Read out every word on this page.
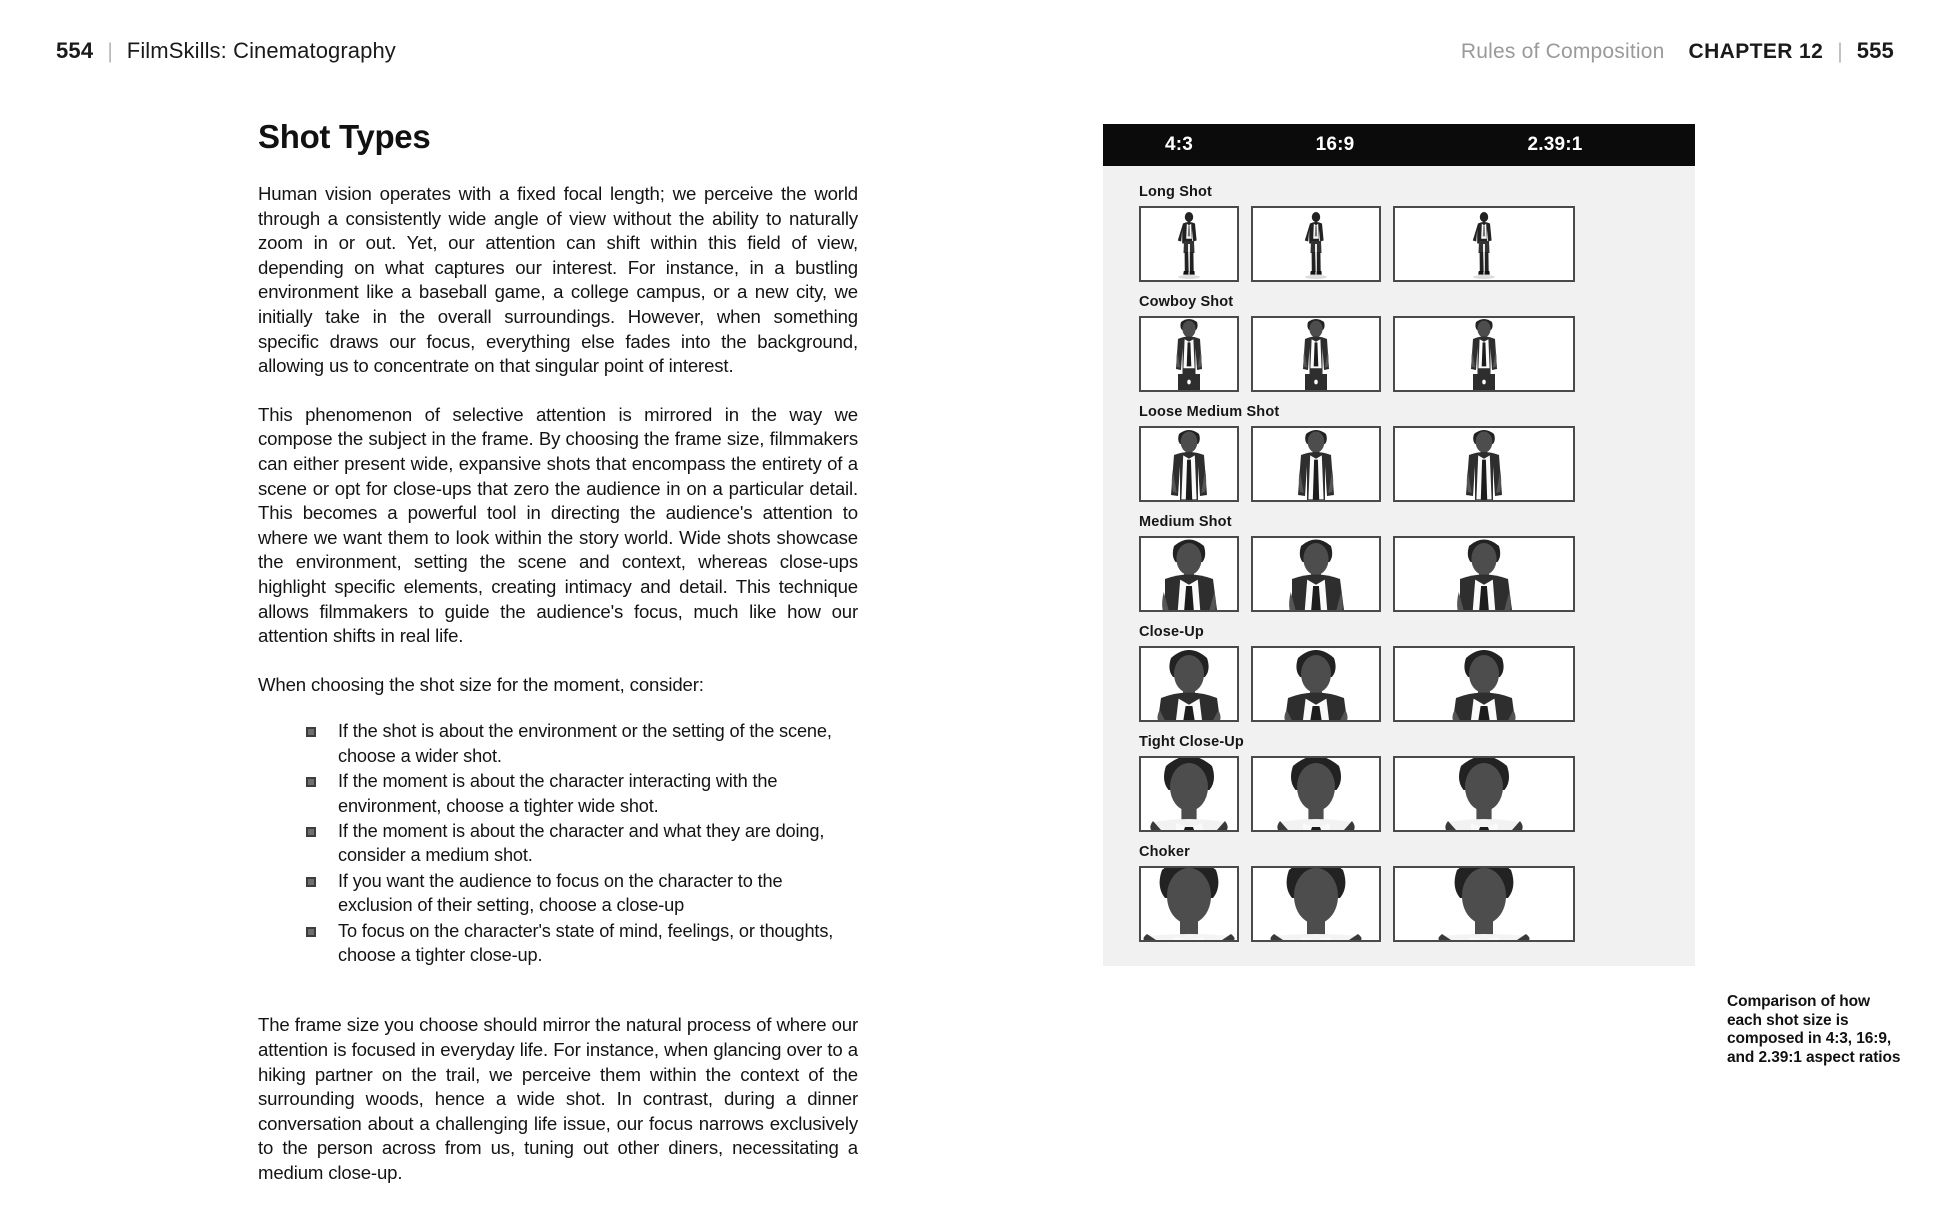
554 | FilmSkills: Cinematography	Rules of Composition CHAPTER 12 | 555
Shot Types

Human vision operates with a fixed focal length; we perceive the world through a consistently wide angle of view without the ability to naturally zoom in or out. Yet, our attention can shift within this field of view, depending on what captures our interest. For instance, in a bustling environment like a baseball game, a college campus, or a new city, we initially take in the overall surroundings. However, when something specific draws our focus, everything else fades into the background, allowing us to concentrate on that singular point of interest.

This phenomenon of selective attention is mirrored in the way we compose the subject in the frame. By choosing the frame size, filmmakers can either present wide, expansive shots that encompass the entirety of a scene or opt for close-ups that zero the audience in on a particular detail. This becomes a powerful tool in directing the audience's attention to where we want them to look within the story world. Wide shots showcase the environment, setting the scene and context, whereas close-ups highlight specific elements, creating intimacy and detail. This technique allows filmmakers to guide the audience's focus, much like how our attention shifts in real life.

When choosing the shot size for the moment, consider:

If the shot is about the environment or the setting of the scene, choose a wider shot.
If the moment is about the character interacting with the environment, choose a tighter wide shot.
If the moment is about the character and what they are doing, consider a medium shot.
If you want the audience to focus on the character to the exclusion of their setting, choose a close-up
To focus on the character's state of mind, feelings, or thoughts, choose a tighter close-up.

The frame size you choose should mirror the natural process of where our attention is focused in everyday life. For instance, when glancing over to a hiking partner on the trail, we perceive them within the context of the surrounding woods, hence a wide shot. In contrast, during a dinner conversation about a challenging life issue, our focus narrows exclusively to the person across from us, tuning out other diners, necessitating a medium close-up.

4:3	16:9	2.39:1
Long Shot
Cowboy Shot
Loose Medium Shot
Medium Shot
Close-Up
Tight Close-Up
Choker
Comparison of how each shot size is composed in 4:3, 16:9, and 2.39:1 aspect ratios
